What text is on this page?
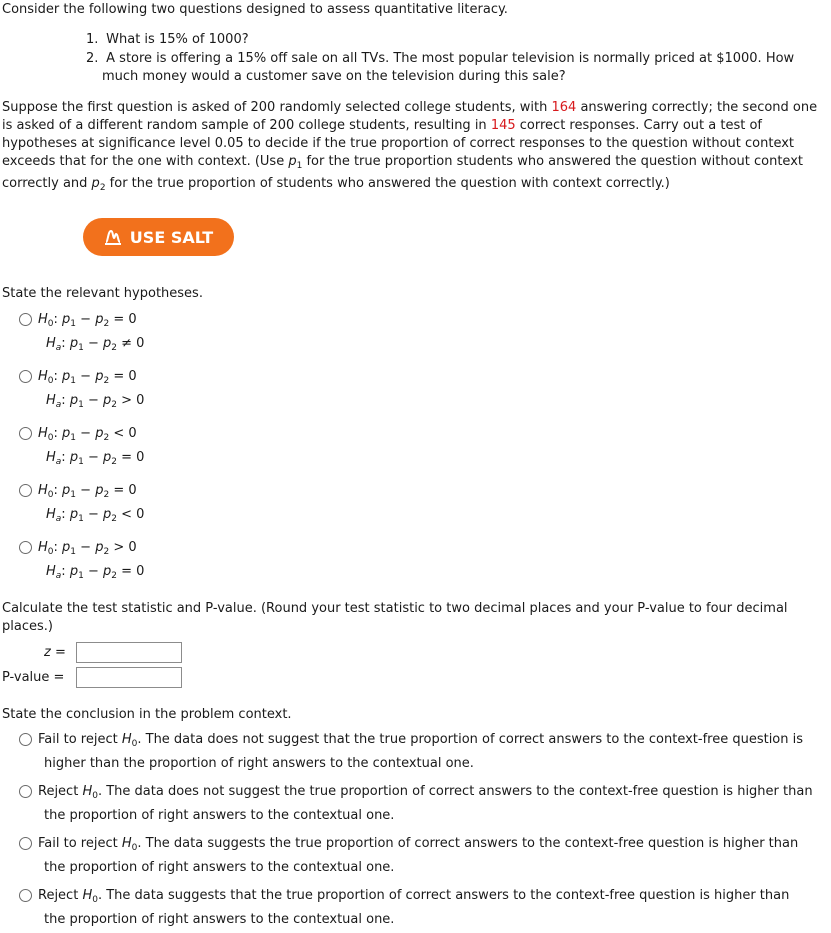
Consider the following two questions designed to assess quantitative literacy.
1. What is 15% of 1000?
2. A store is offering a 15% off sale on all TVs. The most popular television is normally priced at $1000. How
much money would a customer save on the television during this sale?
Suppose the first question is asked of 200 randomly selected college students, with 164 answering correctly; the second one
is asked of a different random sample of 200 college students, resulting in 145 correct responses. Carry out a test of
hypotheses at significance level 0.05 to decide if the true proportion of correct responses to the question without context
exceeds that for the one with context. (Use $p_1$ for the true proportion students who answered the question without context
correctly and $p_2$ for the true proportion of students who answered the question with context correctly.)
USE SALT
State the relevant hypotheses.
$H_0$: $p_1 - p_2 = 0$
$H_a$: $p_1 - p_2 \ne 0$
$H_0$: $p_1 - p_2 = 0$
$H_a$: $p_1 - p_2 > 0$
$H_0$: $p_1 - p_2 < 0$
$H_a$: $p_1 - p_2 = 0$
$H_0$: $p_1 - p_2 = 0$
$H_a$: $p_1 - p_2 < 0$
$H_0$: $p_1 - p_2 > 0$
$H_a$: $p_1 - p_2 = 0$
Calculate the test statistic and P-value. (Round your test statistic to two decimal places and your P-value to four decimal
places.)
z =
P-value =
State the conclusion in the problem context.
Fail to reject $H_0$. The data does not suggest that the true proportion of correct answers to the context-free question is
higher than the proportion of right answers to the contextual one.
Reject $H_0$. The data does not suggest the true proportion of correct answers to the context-free question is higher than
the proportion of right answers to the contextual one.
Fail to reject $H_0$. The data suggests the true proportion of correct answers to the context-free question is higher than
the proportion of right answers to the contextual one.
Reject $H_0$. The data suggests that the true proportion of correct answers to the context-free question is higher than
the proportion of right answers to the contextual one.
